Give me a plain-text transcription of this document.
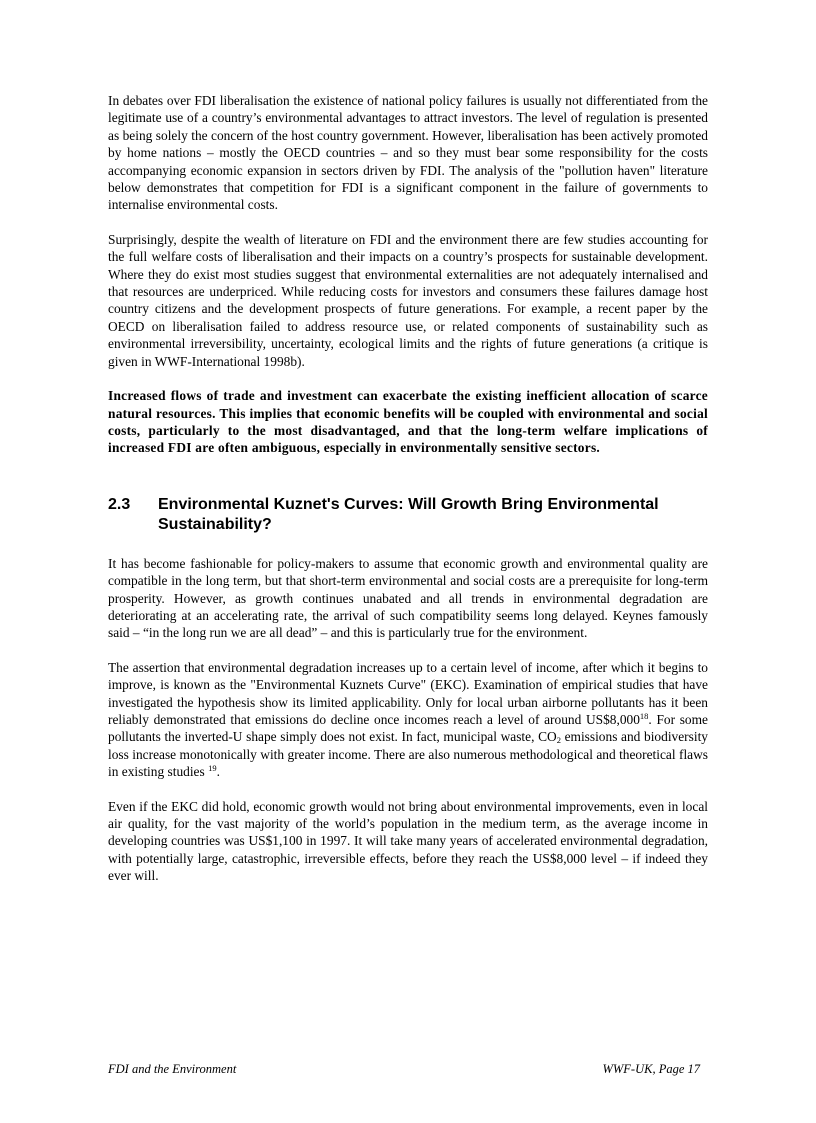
In debates over FDI liberalisation the existence of national policy failures is usually not differentiated from the legitimate use of a country’s environmental advantages to attract investors. The level of regulation is presented as being solely the concern of the host country government. However, liberalisation has been actively promoted by home nations – mostly the OECD countries – and so they must bear some responsibility for the costs accompanying economic expansion in sectors driven by FDI. The analysis of the "pollution haven" literature below demonstrates that competition for FDI is a significant component in the failure of governments to internalise environmental costs.

Surprisingly, despite the wealth of literature on FDI and the environment there are few studies accounting for the full welfare costs of liberalisation and their impacts on a country’s prospects for sustainable development. Where they do exist most studies suggest that environmental externalities are not adequately internalised and that resources are underpriced. While reducing costs for investors and consumers these failures damage host country citizens and the development prospects of future generations. For example, a recent paper by the OECD on liberalisation failed to address resource use, or related components of sustainability such as environmental irreversibility, uncertainty, ecological limits and the rights of future generations (a critique is given in WWF-International 1998b).

Increased flows of trade and investment can exacerbate the existing inefficient allocation of scarce natural resources. This implies that economic benefits will be coupled with environmental and social costs, particularly to the most disadvantaged, and that the long-term welfare implications of increased FDI are often ambiguous, especially in environmentally sensitive sectors.

2.3	Environmental Kuznet's Curves: Will Growth Bring Environmental Sustainability?

It has become fashionable for policy-makers to assume that economic growth and environmental quality are compatible in the long term, but that short-term environmental and social costs are a prerequisite for long-term prosperity. However, as growth continues unabated and all trends in environmental degradation are deteriorating at an accelerating rate, the arrival of such compatibility seems long delayed. Keynes famously said – “in the long run we are all dead” – and this is particularly true for the environment.

The assertion that environmental degradation increases up to a certain level of income, after which it begins to improve, is known as the "Environmental Kuznets Curve" (EKC). Examination of empirical studies that have investigated the hypothesis show its limited applicability. Only for local urban airborne pollutants has it been reliably demonstrated that emissions do decline once incomes reach a level of around US$8,000$^{18}$. For some pollutants the inverted-U shape simply does not exist. In fact, municipal waste, $CO_2$ emissions and biodiversity loss increase monotonically with greater income. There are also numerous methodological and theoretical flaws in existing studies $^{19}$.

Even if the EKC did hold, economic growth would not bring about environmental improvements, even in local air quality, for the vast majority of the world’s population in the medium term, as the average income in developing countries was US$1,100 in 1997. It will take many years of accelerated environmental degradation, with potentially large, catastrophic, irreversible effects, before they reach the US$8,000 level – if indeed they ever will.

FDI and the Environment	WWF-UK, Page 17
